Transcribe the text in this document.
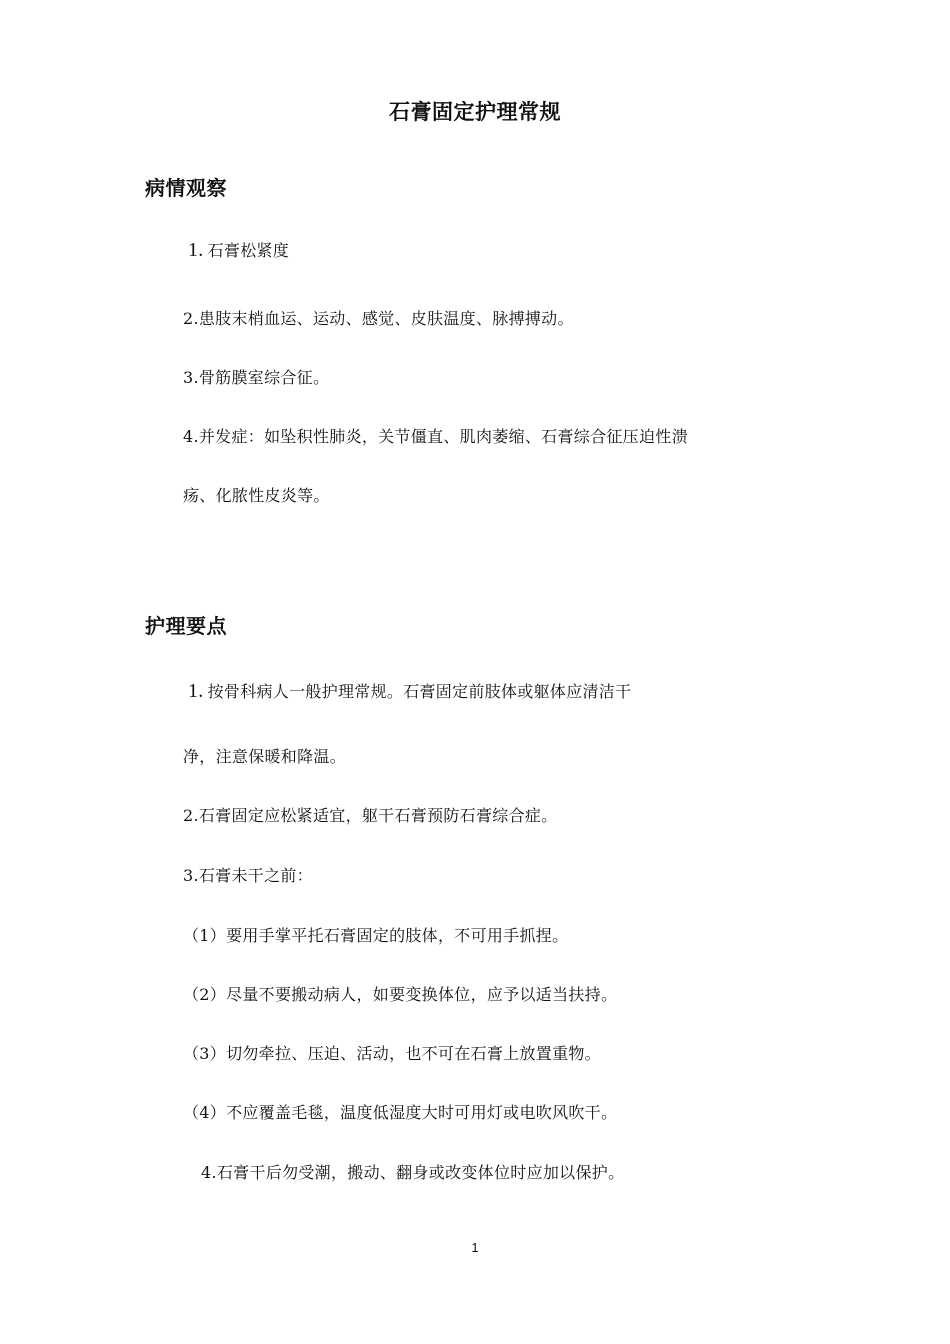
石膏固定护理常规
病情观察
1. 石膏松紧度
2.患肢末梢血运、运动、感觉、皮肤温度、脉搏搏动。
3.骨筋膜室综合征。
4.并发症：如坠积性肺炎，关节僵直、肌肉萎缩、石膏综合征压迫性溃
疡、化脓性皮炎等。
护理要点
1. 按骨科病人一般护理常规。石膏固定前肢体或躯体应清洁干
净，注意保暖和降温。
2.石膏固定应松紧适宜，躯干石膏预防石膏综合症。
3.石膏未干之前：
（1）要用手掌平托石膏固定的肢体，不可用手抓捏。
（2）尽量不要搬动病人，如要变换体位，应予以适当扶持。
（3）切勿牵拉、压迫、活动，也不可在石膏上放置重物。
（4）不应覆盖毛毯，温度低湿度大时可用灯或电吹风吹干。
4.石膏干后勿受潮，搬动、翻身或改变体位时应加以保护。
1
